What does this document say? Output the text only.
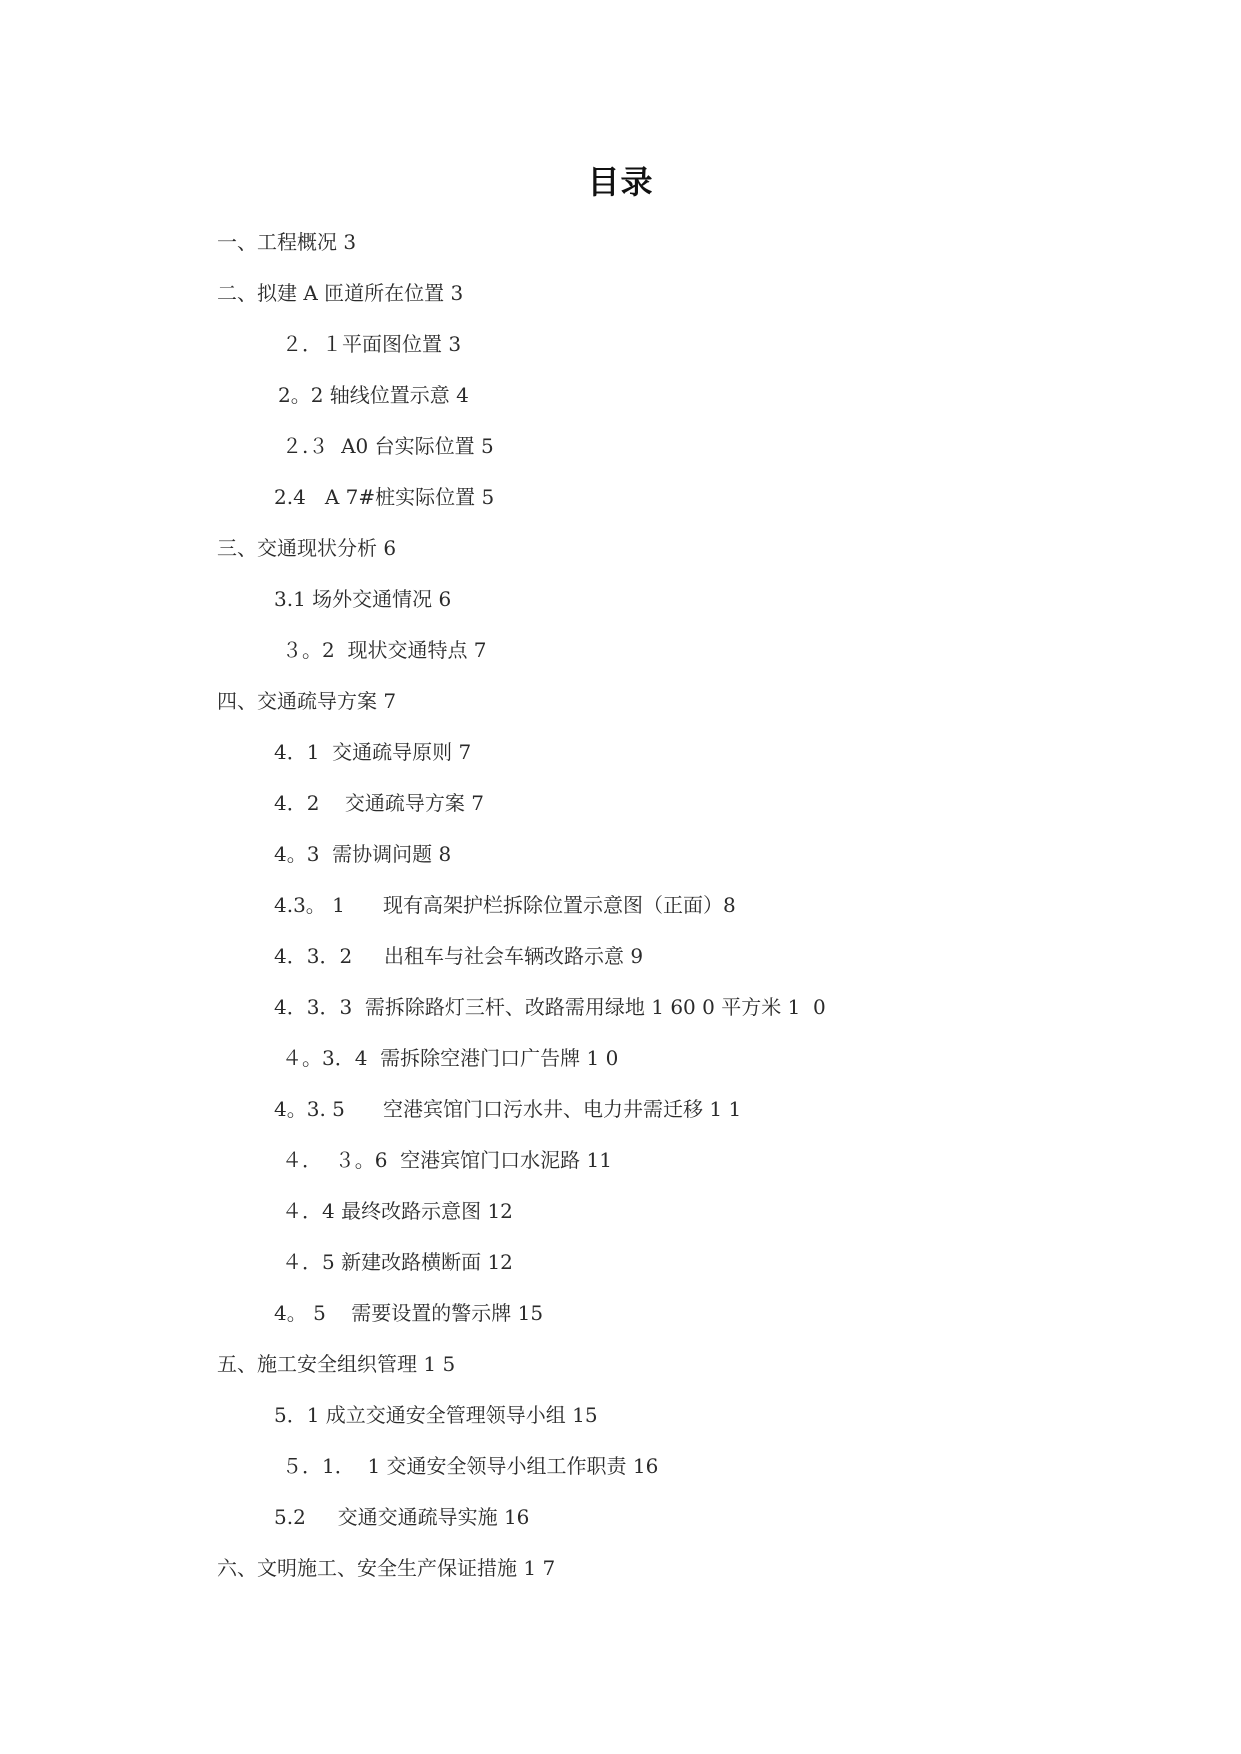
目录
一、工程概况 3
二、拟建 A 匝道所在位置 3
２．１平面图位置 3
2。2 轴线位置示意 4
２.３  A0 台实际位置 5
2.4   A 7#桩实际位置 5
三、交通现状分析 6
3.1 场外交通情况 6
３。2  现状交通特点 7
四、交通疏导方案 7
4．1  交通疏导原则 7
4．2    交通疏导方案 7
4。3  需协调问题 8
4.3。 1      现有高架护栏拆除位置示意图（正面）8
4．3．2     出租车与社会车辆改路示意 9
4．3．3  需拆除路灯三杆、改路需用绿地 1 60 0 平方米 1  0
４。3．4  需拆除空港门口广告牌 1 0
4。3. 5      空港宾馆门口污水井、电力井需迁移 1 1
４．  ３。6  空港宾馆门口水泥路 11
４．4 最终改路示意图 12
４．5 新建改路横断面 12
4。 5    需要设置的警示牌 15
五、施工安全组织管理 1 5
5．1 成立交通安全管理领导小组 15
５．1．  1 交通安全领导小组工作职责 16
5.2     交通交通疏导实施 16
六、文明施工、安全生产保证措施 1 7
